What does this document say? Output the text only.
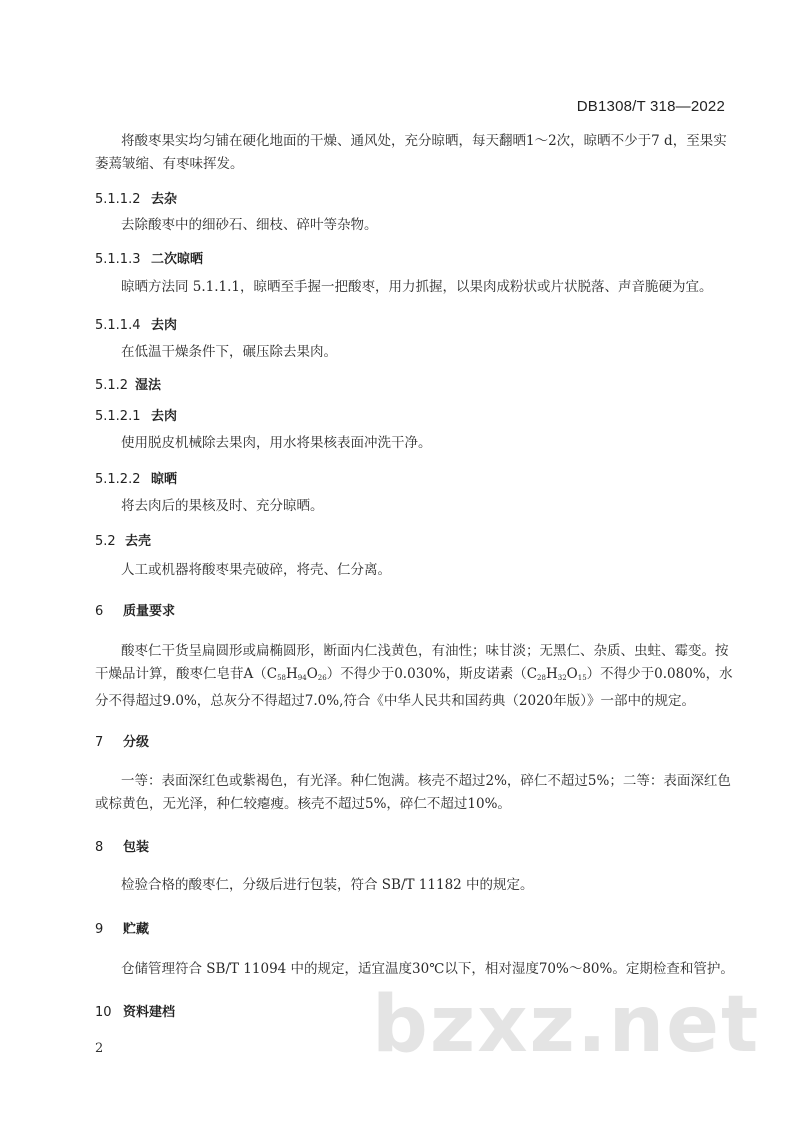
DB1308/T 318—2022
将酸枣果实均匀铺在硬化地面的干燥、通风处，充分晾晒，每天翻晒1～2次，晾晒不少于7 d，至果实萎蔫皱缩、有枣味挥发。
5.1.1.2 去杂
去除酸枣中的细砂石、细枝、碎叶等杂物。
5.1.1.3 二次晾晒
晾晒方法同 5.1.1.1，晾晒至手握一把酸枣，用力抓握，以果肉成粉状或片状脱落、声音脆硬为宜。
5.1.1.4 去肉
在低温干燥条件下，碾压除去果肉。
5.1.2 湿法
5.1.2.1 去肉
使用脱皮机械除去果肉，用水将果核表面冲洗干净。
5.1.2.2 晾晒
将去肉后的果核及时、充分晾晒。
5.2 去壳
人工或机器将酸枣果壳破碎，将壳、仁分离。
6 质量要求
酸枣仁干货呈扁圆形或扁椭圆形，断面内仁浅黄色，有油性；味甘淡；无黑仁、杂质、虫蛀、霉变。按干燥品计算，酸枣仁皂苷$A(C_{58}H_{94}O_{26})$不得少于0.030%，斯皮诺素$(C_{28}H_{32}O_{15})$不得少于0.080%，水分不得超过9.0%，总灰分不得超过7.0%,符合《中华人民共和国药典（2020年版）》一部中的规定。
7 分级
一等：表面深红色或紫褐色，有光泽。种仁饱满。核壳不超过2%，碎仁不超过5%；二等：表面深红色或棕黄色，无光泽，种仁较瘪瘦。核壳不超过5%，碎仁不超过10%。
8 包装
检验合格的酸枣仁，分级后进行包装，符合 SB/T 11182 中的规定。
9 贮藏
仓储管理符合 SB/T 11094 中的规定，适宜温度30℃以下，相对湿度70%～80%。定期检查和管护。
10 资料建档
2	bzxz.net
